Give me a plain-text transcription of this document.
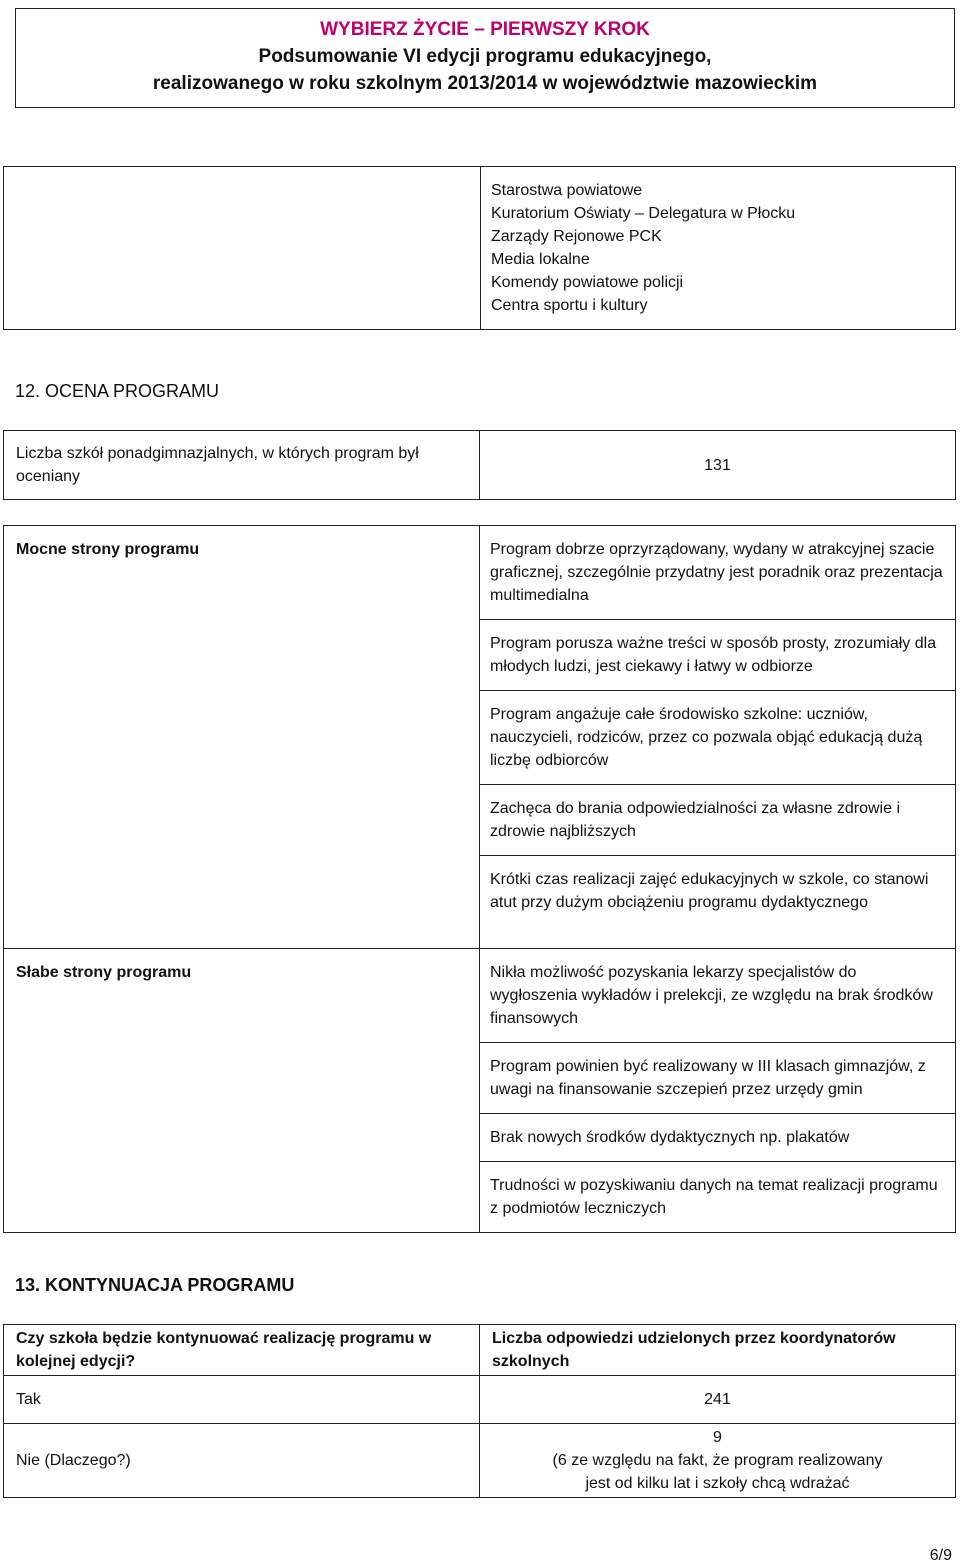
WYBIERZ ŻYCIE – PIERWSZY KROK
Podsumowanie VI edycji programu edukacyjnego,
realizowanego w roku szkolnym 2013/2014 w województwie mazowieckim

Starostwa powiatowe
Kuratorium Oświaty – Delegatura w Płocku
Zarządy Rejonowe PCK
Media lokalne
Komendy powiatowe policji
Centra sportu i kultury
12. OCENA PROGRAMU
Liczba szkół ponadgimnazjalnych, w których program był oceniany	131
Mocne strony programu	Program dobrze oprzyrządowany, wydany w atrakcyjnej szacie graficznej, szczególnie przydatny jest poradnik oraz prezentacja multimedialna
	Program porusza ważne treści w sposób prosty, zrozumiały dla młodych ludzi, jest ciekawy i łatwy w odbiorze
	Program angażuje całe środowisko szkolne: uczniów, nauczycieli, rodziców, przez co pozwala objąć edukacją dużą liczbę odbiorców
	Zachęca do brania odpowiedzialności za własne zdrowie i zdrowie najbliższych
	Krótki czas realizacji zajęć edukacyjnych w szkole, co stanowi atut przy dużym obciążeniu programu dydaktycznego
Słabe strony programu	Nikła możliwość pozyskania lekarzy specjalistów do wygłoszenia wykładów i prelekcji, ze względu na brak środków finansowych
	Program powinien być realizowany w III klasach gimnazjów, z uwagi na finansowanie szczepień przez urzędy gmin
	Brak nowych środków dydaktycznych np. plakatów
	Trudności w pozyskiwaniu danych na temat realizacji programu z podmiotów leczniczych
13. KONTYNUACJA PROGRAMU
Czy szkoła będzie kontynuować realizację programu w kolejnej edycji?	Liczba odpowiedzi udzielonych przez koordynatorów szkolnych
Tak	241
Nie (Dlaczego?)	9
(6 ze względu na fakt, że program realizowany
jest od kilku lat i szkoły chcą wdrażać
6/9
